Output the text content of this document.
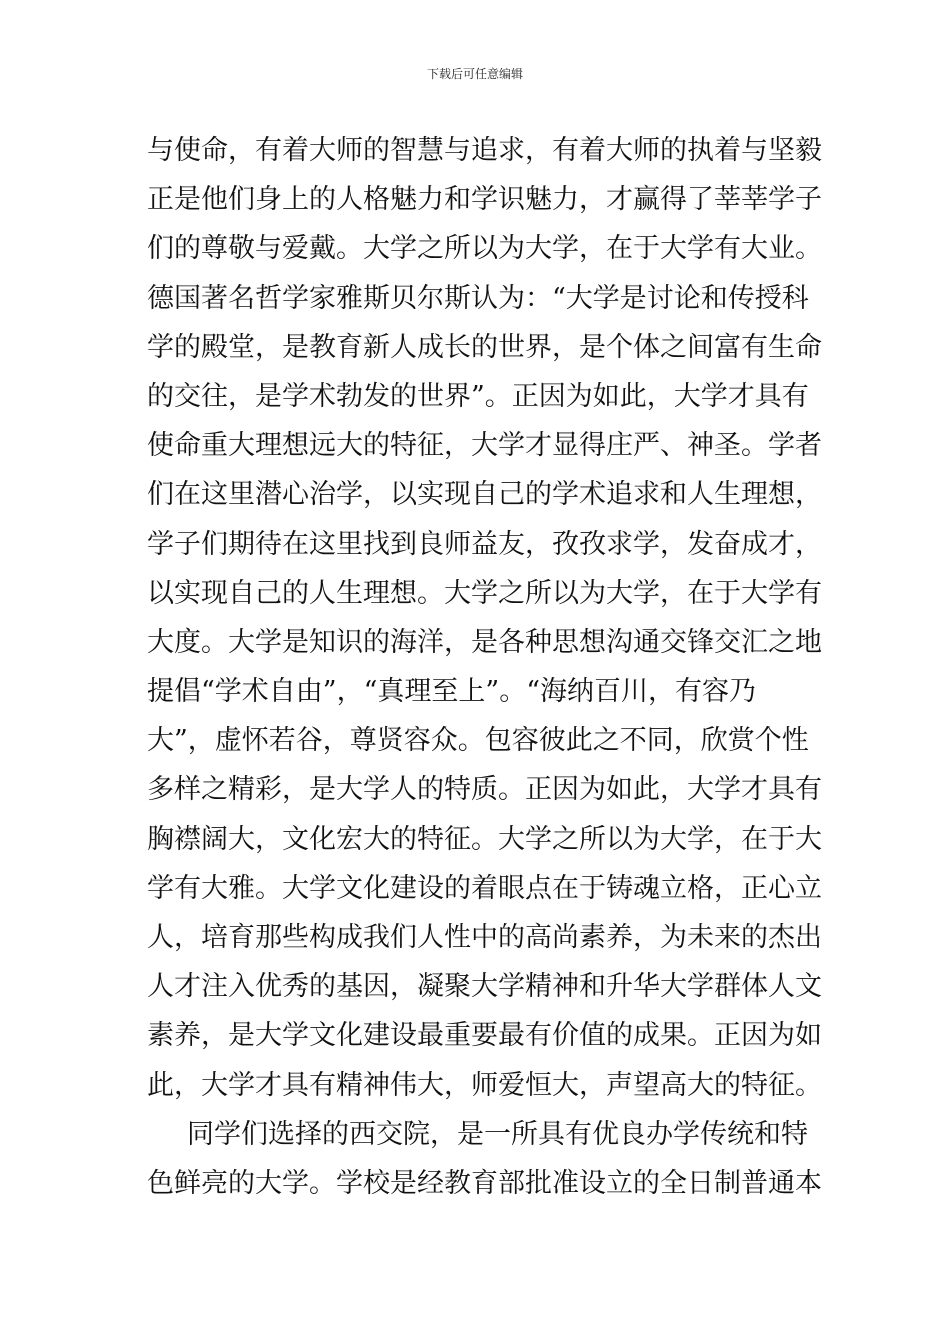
下载后可任意编辑
与使命，有着大师的智慧与追求，有着大师的执着与坚毅
正是他们身上的人格魅力和学识魅力，才赢得了莘莘学子
们的尊敬与爱戴。大学之所以为大学，在于大学有大业。
德国著名哲学家雅斯贝尔斯认为：“大学是讨论和传授科
学的殿堂，是教育新人成长的世界，是个体之间富有生命
的交往，是学术勃发的世界”。正因为如此，大学才具有
使命重大理想远大的特征，大学才显得庄严、神圣。学者
们在这里潜心治学，以实现自己的学术追求和人生理想，
学子们期待在这里找到良师益友，孜孜求学，发奋成才，
以实现自己的人生理想。大学之所以为大学，在于大学有
大度。大学是知识的海洋，是各种思想沟通交锋交汇之地
提倡“学术自由”，“真理至上”。“海纳百川，有容乃
大”，虚怀若谷，尊贤容众。包容彼此之不同，欣赏个性
多样之精彩，是大学人的特质。正因为如此，大学才具有
胸襟阔大，文化宏大的特征。大学之所以为大学，在于大
学有大雅。大学文化建设的着眼点在于铸魂立格，正心立
人，培育那些构成我们人性中的高尚素养，为未来的杰出
人才注入优秀的基因，凝聚大学精神和升华大学群体人文
素养，是大学文化建设最重要最有价值的成果。正因为如
此，大学才具有精神伟大，师爱恒大，声望高大的特征。
同学们选择的西交院，是一所具有优良办学传统和特
色鲜亮的大学。学校是经教育部批准设立的全日制普通本
